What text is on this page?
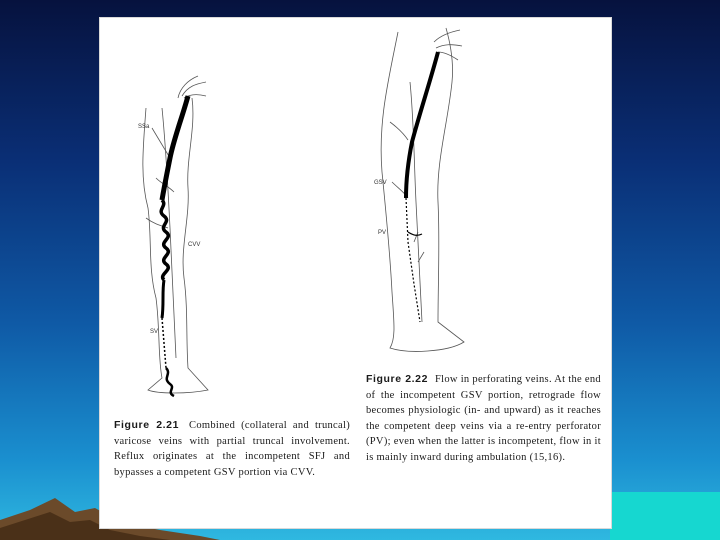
SSa
CVV
SV
GSV
PV
Figure 2.21 Combined (collateral and truncal) varicose veins with partial truncal involvement. Reflux originates at the incompetent SFJ and bypasses a competent GSV portion via CVV.
Figure 2.22 Flow in perforating veins. At the end of the incompetent GSV portion, retrograde flow becomes physiologic (in- and upward) as it reaches the competent deep veins via a re-entry perforator (PV); even when the latter is incompetent, flow in it is mainly inward during ambulation (15,16).
